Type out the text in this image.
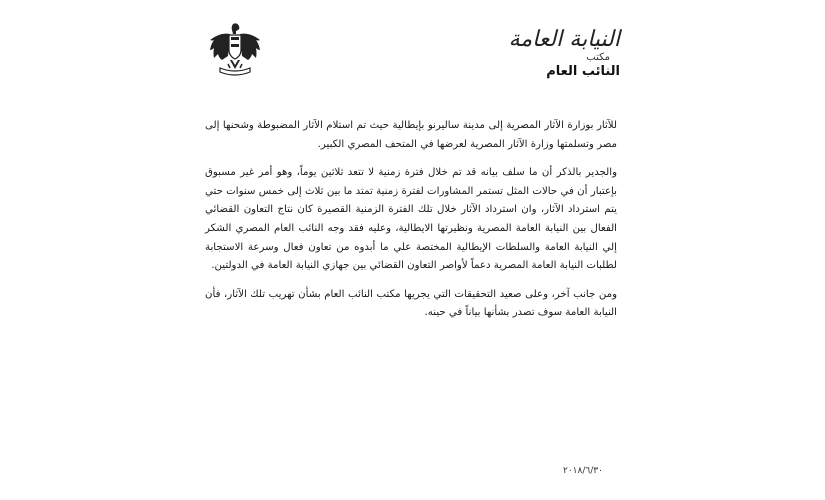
النيابة العامة
مكتب
النائب العام

للآثار بوزارة الآثار المصرية إلى مدينة ساليرنو بإيطالية حيث تم استلام الآثار المضبوطة وشحنها إلى مصر وتسلمتها وزارة الآثار المصرية لعرضها في المتحف المصري الكبير.

والجدير بالذكر أن ما سلف بيانه قد تم خلال فترة زمنية لا تتعد ثلاثين يوماً، وهو أمر غير مسبوق بإعتبار أن في حالات المثل تستمر المشاورات لفترة زمنية تمتد ما بين ثلاث إلى خمس سنوات حتي يتم استرداد الآثار، وان استرداد الآثار خلال تلك الفترة الزمنية القصيرة كان نتاج التعاون القضائي الفعال بين النيابة العامة المصرية ونظيرتها الايطالية، وعليه فقد وجه النائب العام المصري الشكر إلي النيابة العامة والسلطات الإيطالية المختصة علي ما أبدوه من تعاون فعال وسرعة الاستجابة لطلبات النيابة العامة المصرية دعماً لأواصر التعاون القضائي بين جهازي النيابة العامة في الدولتين.

ومن جانب آخر، وعلى صعيد التحقيقات التي يجريها مكتب النائب العام بشأن تهريب تلك الآثار، فأن النيابة العامة سوف تصدر بشأنها بياناً في حينه.

٢٠١٨/٦/٣٠
